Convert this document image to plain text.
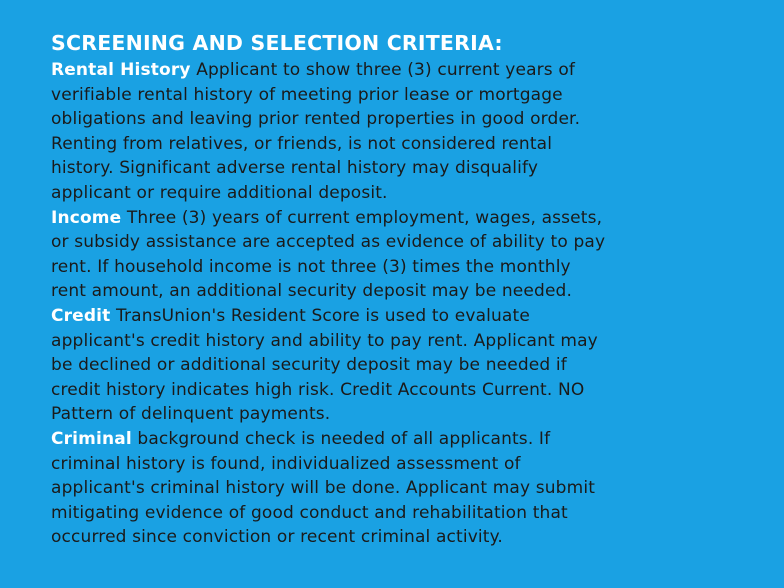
SCREENING AND SELECTION CRITERIA:
Rental History Applicant to show three (3) current years of
verifiable rental history of meeting prior lease or mortgage
obligations and leaving prior rented properties in good order.
Renting from relatives, or friends, is not considered rental
history. Significant adverse rental history may disqualify
applicant or require additional deposit.
Income Three (3) years of current employment, wages, assets,
or subsidy assistance are accepted as evidence of ability to pay
rent. If household income is not three (3) times the monthly
rent amount, an additional security deposit may be needed.
Credit TransUnion's Resident Score is used to evaluate
applicant's credit history and ability to pay rent. Applicant may
be declined or additional security deposit may be needed if
credit history indicates high risk. Credit Accounts Current. NO
Pattern of delinquent payments.
Criminal background check is needed of all applicants. If
criminal history is found, individualized assessment of
applicant's criminal history will be done. Applicant may submit
mitigating evidence of good conduct and rehabilitation that
occurred since conviction or recent criminal activity.
